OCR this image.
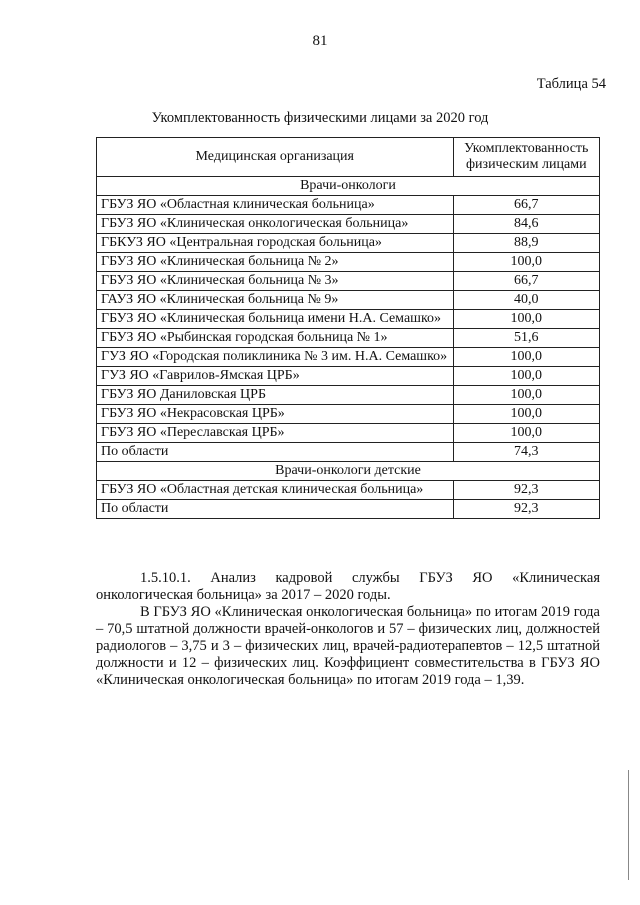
81
Таблица 54
Укомплектованность физическими лицами за 2020 год
Медицинская организация	Укомплектованность физическим лицами
Врачи-онкологи	
ГБУЗ ЯО «Областная клиническая больница»	66,7
ГБУЗ ЯО «Клиническая онкологическая больница»	84,6
ГБКУЗ ЯО «Центральная городская больница»	88,9
ГБУЗ ЯО «Клиническая больница № 2»	100,0
ГБУЗ ЯО «Клиническая больница № 3»	66,7
ГАУЗ ЯО «Клиническая больница № 9»	40,0
ГБУЗ ЯО «Клиническая больница имени Н.А. Семашко»	100,0
ГБУЗ ЯО «Рыбинская городская больница № 1»	51,6
ГУЗ ЯО «Городская поликлиника № 3 им. Н.А. Семашко»	100,0
ГУЗ ЯО «Гаврилов-Ямская ЦРБ»	100,0
ГБУЗ ЯО Даниловская ЦРБ	100,0
ГБУЗ ЯО «Некрасовская ЦРБ»	100,0
ГБУЗ ЯО «Переславская ЦРБ»	100,0
По области	74,3
Врачи-онкологи детские	
ГБУЗ ЯО «Областная детская клиническая больница»	92,3
По области	92,3
1.5.10.1. Анализ кадровой службы ГБУЗ ЯО «Клиническая онкологическая больница» за 2017 – 2020 годы.
В ГБУЗ ЯО «Клиническая онкологическая больница» по итогам 2019 года – 70,5 штатной должности врачей-онкологов и 57 – физических лиц, должностей радиологов – 3,75 и 3 – физических лиц, врачей-радиотерапевтов – 12,5 штатной должности и 12 – физических лиц. Коэффициент совместительства в ГБУЗ ЯО «Клиническая онкологическая больница» по итогам 2019 года – 1,39.
